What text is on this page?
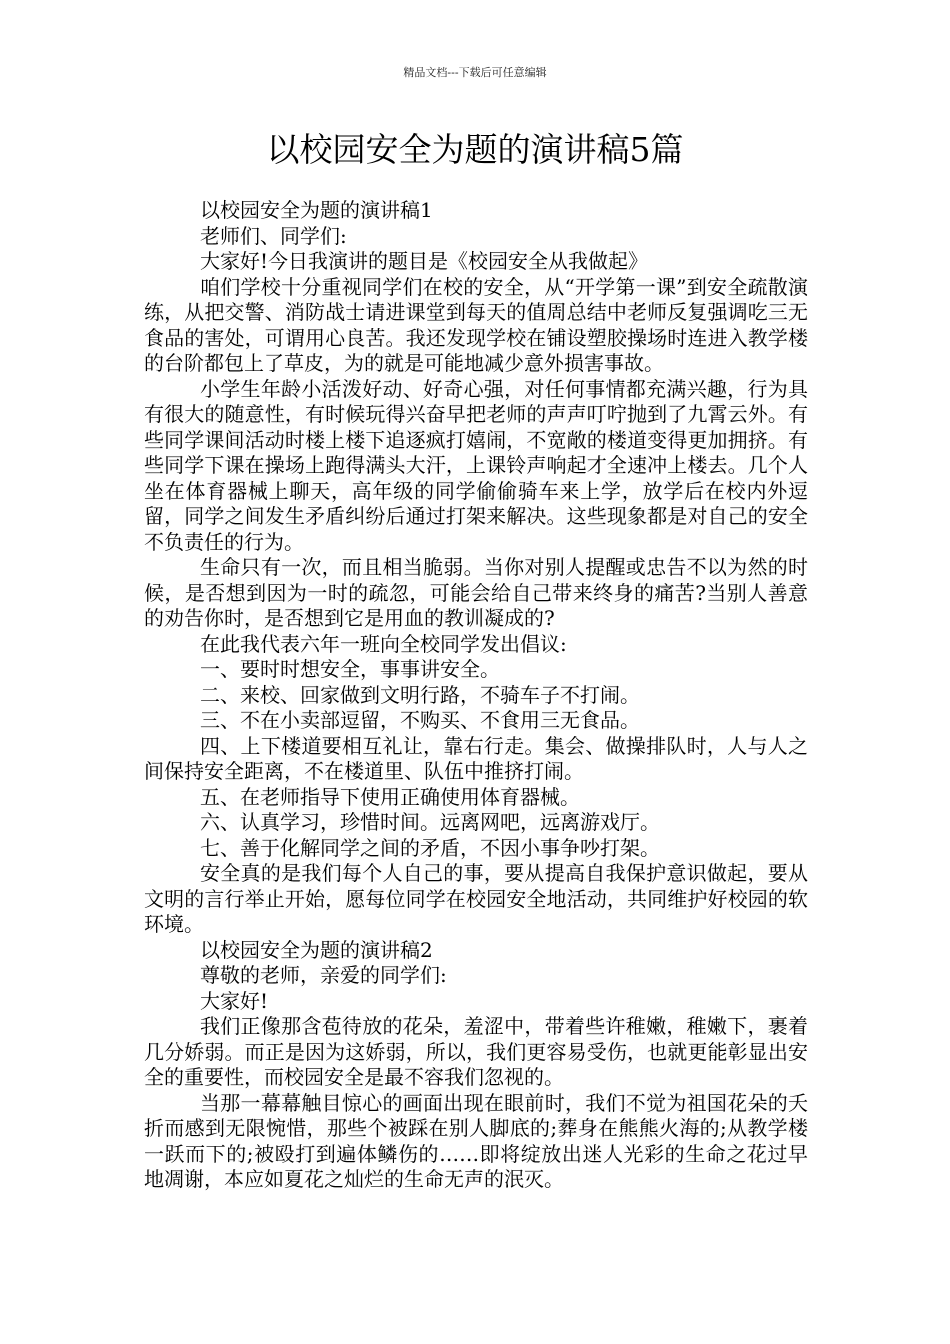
精品文档---下载后可任意编辑
以校园安全为题的演讲稿5篇

以校园安全为题的演讲稿1

老师们、同学们:

大家好!今日我演讲的题目是《校园安全从我做起》

咱们学校十分重视同学们在校的安全，从“开学第一课”到安全疏散演练，从把交警、消防战士请进课堂到每天的值周总结中老师反复强调吃三无食品的害处，可谓用心良苦。我还发现学校在铺设塑胶操场时连进入教学楼的台阶都包上了草皮，为的就是可能地减少意外损害事故。

小学生年龄小活泼好动、好奇心强，对任何事情都充满兴趣，行为具有很大的随意性，有时候玩得兴奋早把老师的声声叮咛抛到了九霄云外。有些同学课间活动时楼上楼下追逐疯打嬉闹，不宽敞的楼道变得更加拥挤。有些同学下课在操场上跑得满头大汗，上课铃声响起才全速冲上楼去。几个人坐在体育器械上聊天，高年级的同学偷偷骑车来上学，放学后在校内外逗留，同学之间发生矛盾纠纷后通过打架来解决。这些现象都是对自己的安全不负责任的行为。

生命只有一次，而且相当脆弱。当你对别人提醒或忠告不以为然的时候，是否想到因为一时的疏忽，可能会给自己带来终身的痛苦?当别人善意的劝告你时，是否想到它是用血的教训凝成的?

在此我代表六年一班向全校同学发出倡议:

一、要时时想安全，事事讲安全。

二、来校、回家做到文明行路，不骑车子不打闹。

三、不在小卖部逗留，不购买、不食用三无食品。

四、上下楼道要相互礼让，靠右行走。集会、做操排队时，人与人之间保持安全距离，不在楼道里、队伍中推挤打闹。

五、在老师指导下使用正确使用体育器械。

六、认真学习，珍惜时间。远离网吧，远离游戏厅。

七、善于化解同学之间的矛盾，不因小事争吵打架。

安全真的是我们每个人自己的事，要从提高自我保护意识做起，要从文明的言行举止开始，愿每位同学在校园安全地活动，共同维护好校园的软环境。

以校园安全为题的演讲稿2

尊敬的老师，亲爱的同学们:

大家好!

我们正像那含苞待放的花朵，羞涩中，带着些许稚嫩，稚嫩下，裹着几分娇弱。而正是因为这娇弱，所以，我们更容易受伤，也就更能彰显出安全的重要性，而校园安全是最不容我们忽视的。

当那一幕幕触目惊心的画面出现在眼前时，我们不觉为祖国花朵的夭折而感到无限惋惜，那些个被踩在别人脚底的;葬身在熊熊火海的;从教学楼一跃而下的;被殴打到遍体鳞伤的……即将绽放出迷人光彩的生命之花过早地凋谢，本应如夏花之灿烂的生命无声的泯灭。
